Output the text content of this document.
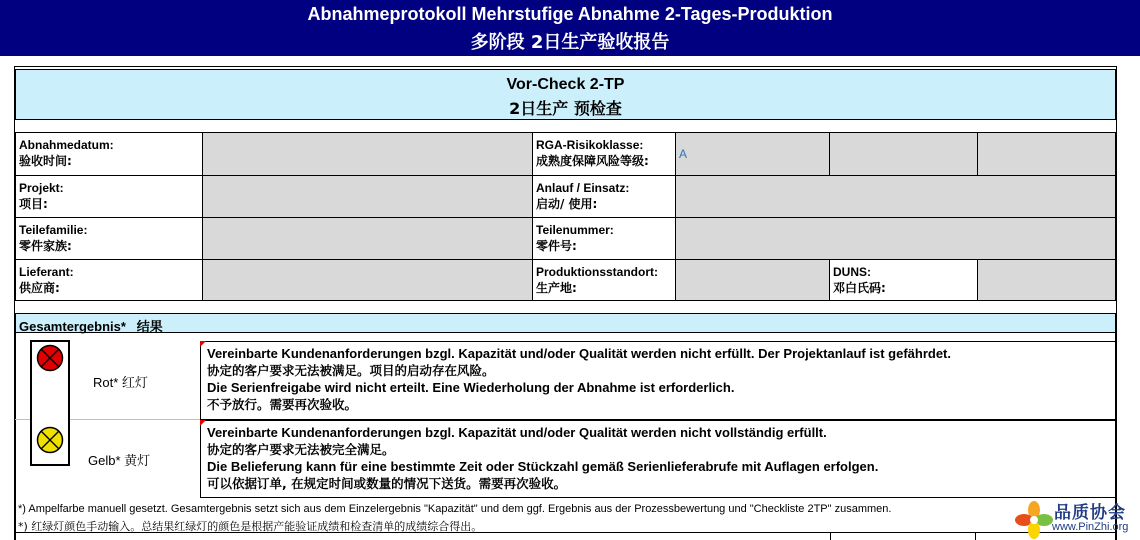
Abnahmeprotokoll Mehrstufige Abnahme 2-Tages-Produktion
多阶段 2日生产验收报告
Vor-Check 2-TP
2日生产 预检查
Abnahmedatum:
验收时间:
RGA-Risikoklasse:
成熟度保障风险等级:	A
Projekt:
项目:
Anlauf / Einsatz:
启动/ 使用:
Teilefamilie:
零件家族:
Teilenummer:
零件号:
Lieferant:
供应商:
Produktionsstandort:
生产地:
DUNS:
邓白氏码:
Gesamtergebnis* 结果
Rot* 红灯
Gelb* 黄灯
Vereinbarte Kundenanforderungen bzgl. Kapazität und/oder Qualität werden nicht erfüllt. Der Projektanlauf ist gefährdet.
协定的客户要求无法被满足。项目的启动存在风险。
Die Serienfreigabe wird nicht erteilt. Eine Wiederholung der Abnahme ist erforderlich.
不予放行。需要再次验收。
Vereinbarte Kundenanforderungen bzgl. Kapazität und/oder Qualität werden nicht vollständig erfüllt.
协定的客户要求无法被完全满足。
Die Belieferung kann für eine bestimmte Zeit oder Stückzahl gemäß Serienlieferabrufe mit Auflagen erfolgen.
可以依据订单, 在规定时间或数量的情况下送货。需要再次验收。
*) Ampelfarbe manuell gesetzt. Gesamtergebnis setzt sich aus dem Einzelergebnis "Kapazität" und dem ggf. Ergebnis aus der Prozessbewertung und "Checkliste 2TP" zusammen.
*) 红绿灯颜色手动输入。总结果红绿灯的颜色是根据产能验证成绩和检查清单的成绩综合得出。
品质协会
www.PinZhi.org
